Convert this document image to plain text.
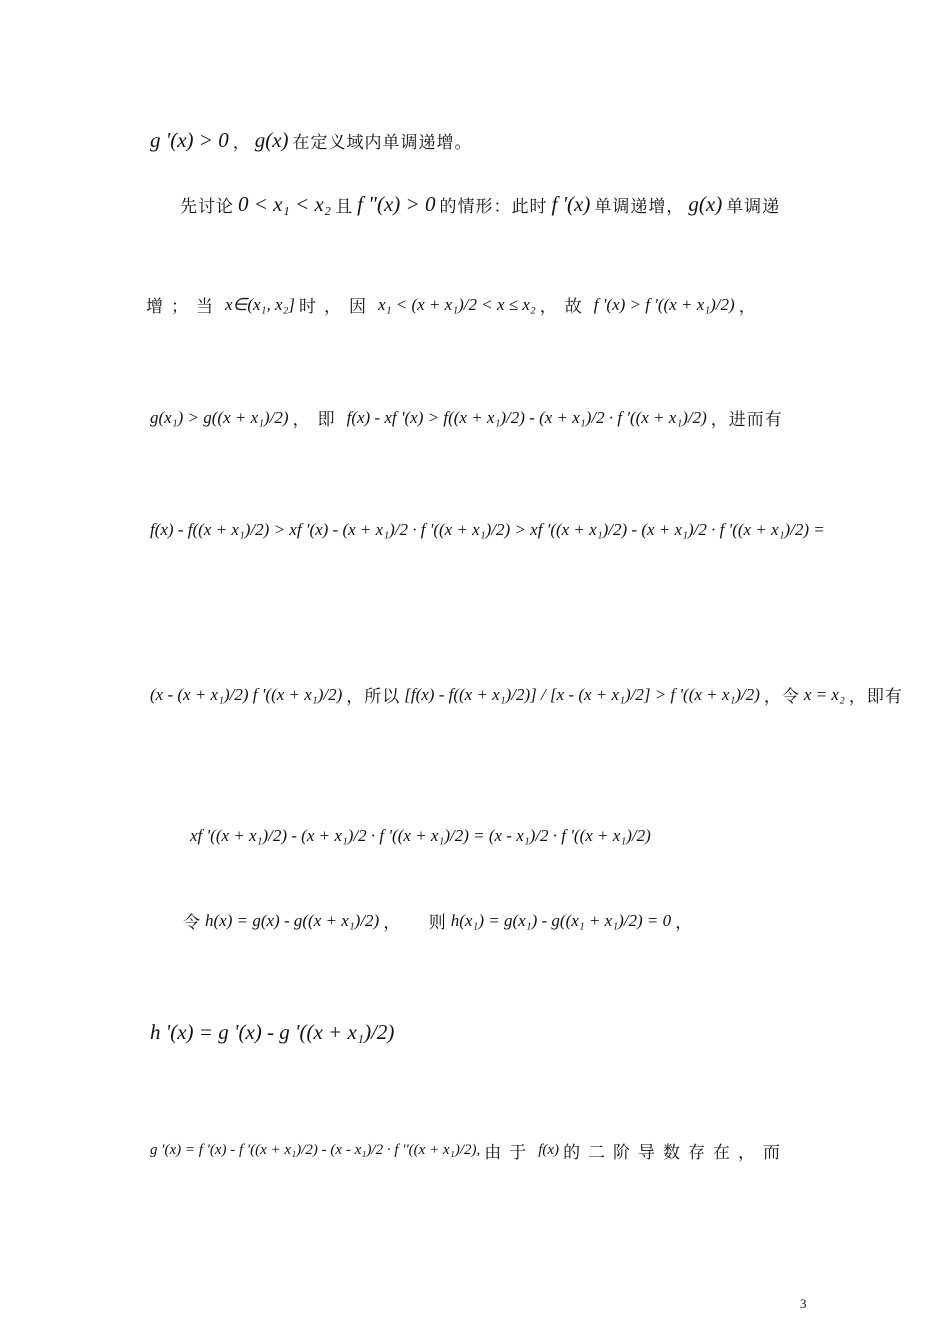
g '(x) > 0 ， g(x) 在定义域内单调递增。
先讨论 0 < x₁ < x₂ 且 f "(x) > 0 的情形：此时 f '(x) 单调递增， g(x) 单调递
增；当 x∈(x₁, x₂] 时，因 x₁ < (x + x₁)/2 < x ≤ x₂ ，故 f '(x) > f '((x + x₁)/2) ，
g(x₁) > g((x + x₁)/2) ，即 f(x) - xf '(x) > f((x + x₁)/2) - (x + x₁)/2 · f '((x + x₁)/2) ，进而有
f(x) - f((x + x₁)/2) > xf '(x) - (x + x₁)/2 · f '((x + x₁)/2) > xf '((x + x₁)/2) - (x + x₁)/2 · f '((x + x₁)/2) =
(x - (x + x₁)/2) f '((x + x₁)/2) ，所以 [f(x) - f((x + x₁)/2)] / [x - (x + x₁)/2] > f '((x + x₁)/2) ，令 x = x₂ ，即有
xf '((x + x₁)/2) - (x + x₁)/2 · f '((x + x₁)/2) = (x - x₁)/2 · f '((x + x₁)/2)
令 h(x) = g(x) - g((x + x₁)/2) ，　　则 h(x₁) = g(x₁) - g((x₁ + x₁)/2) = 0 ，
h '(x) = g '(x) - g '((x + x₁)/2)
g '(x) = f '(x) - f '((x + x₁)/2) - (x - x₁)/2 · f ''((x + x₁)/2), 由于 f(x) 的二阶导数存在，而
3
